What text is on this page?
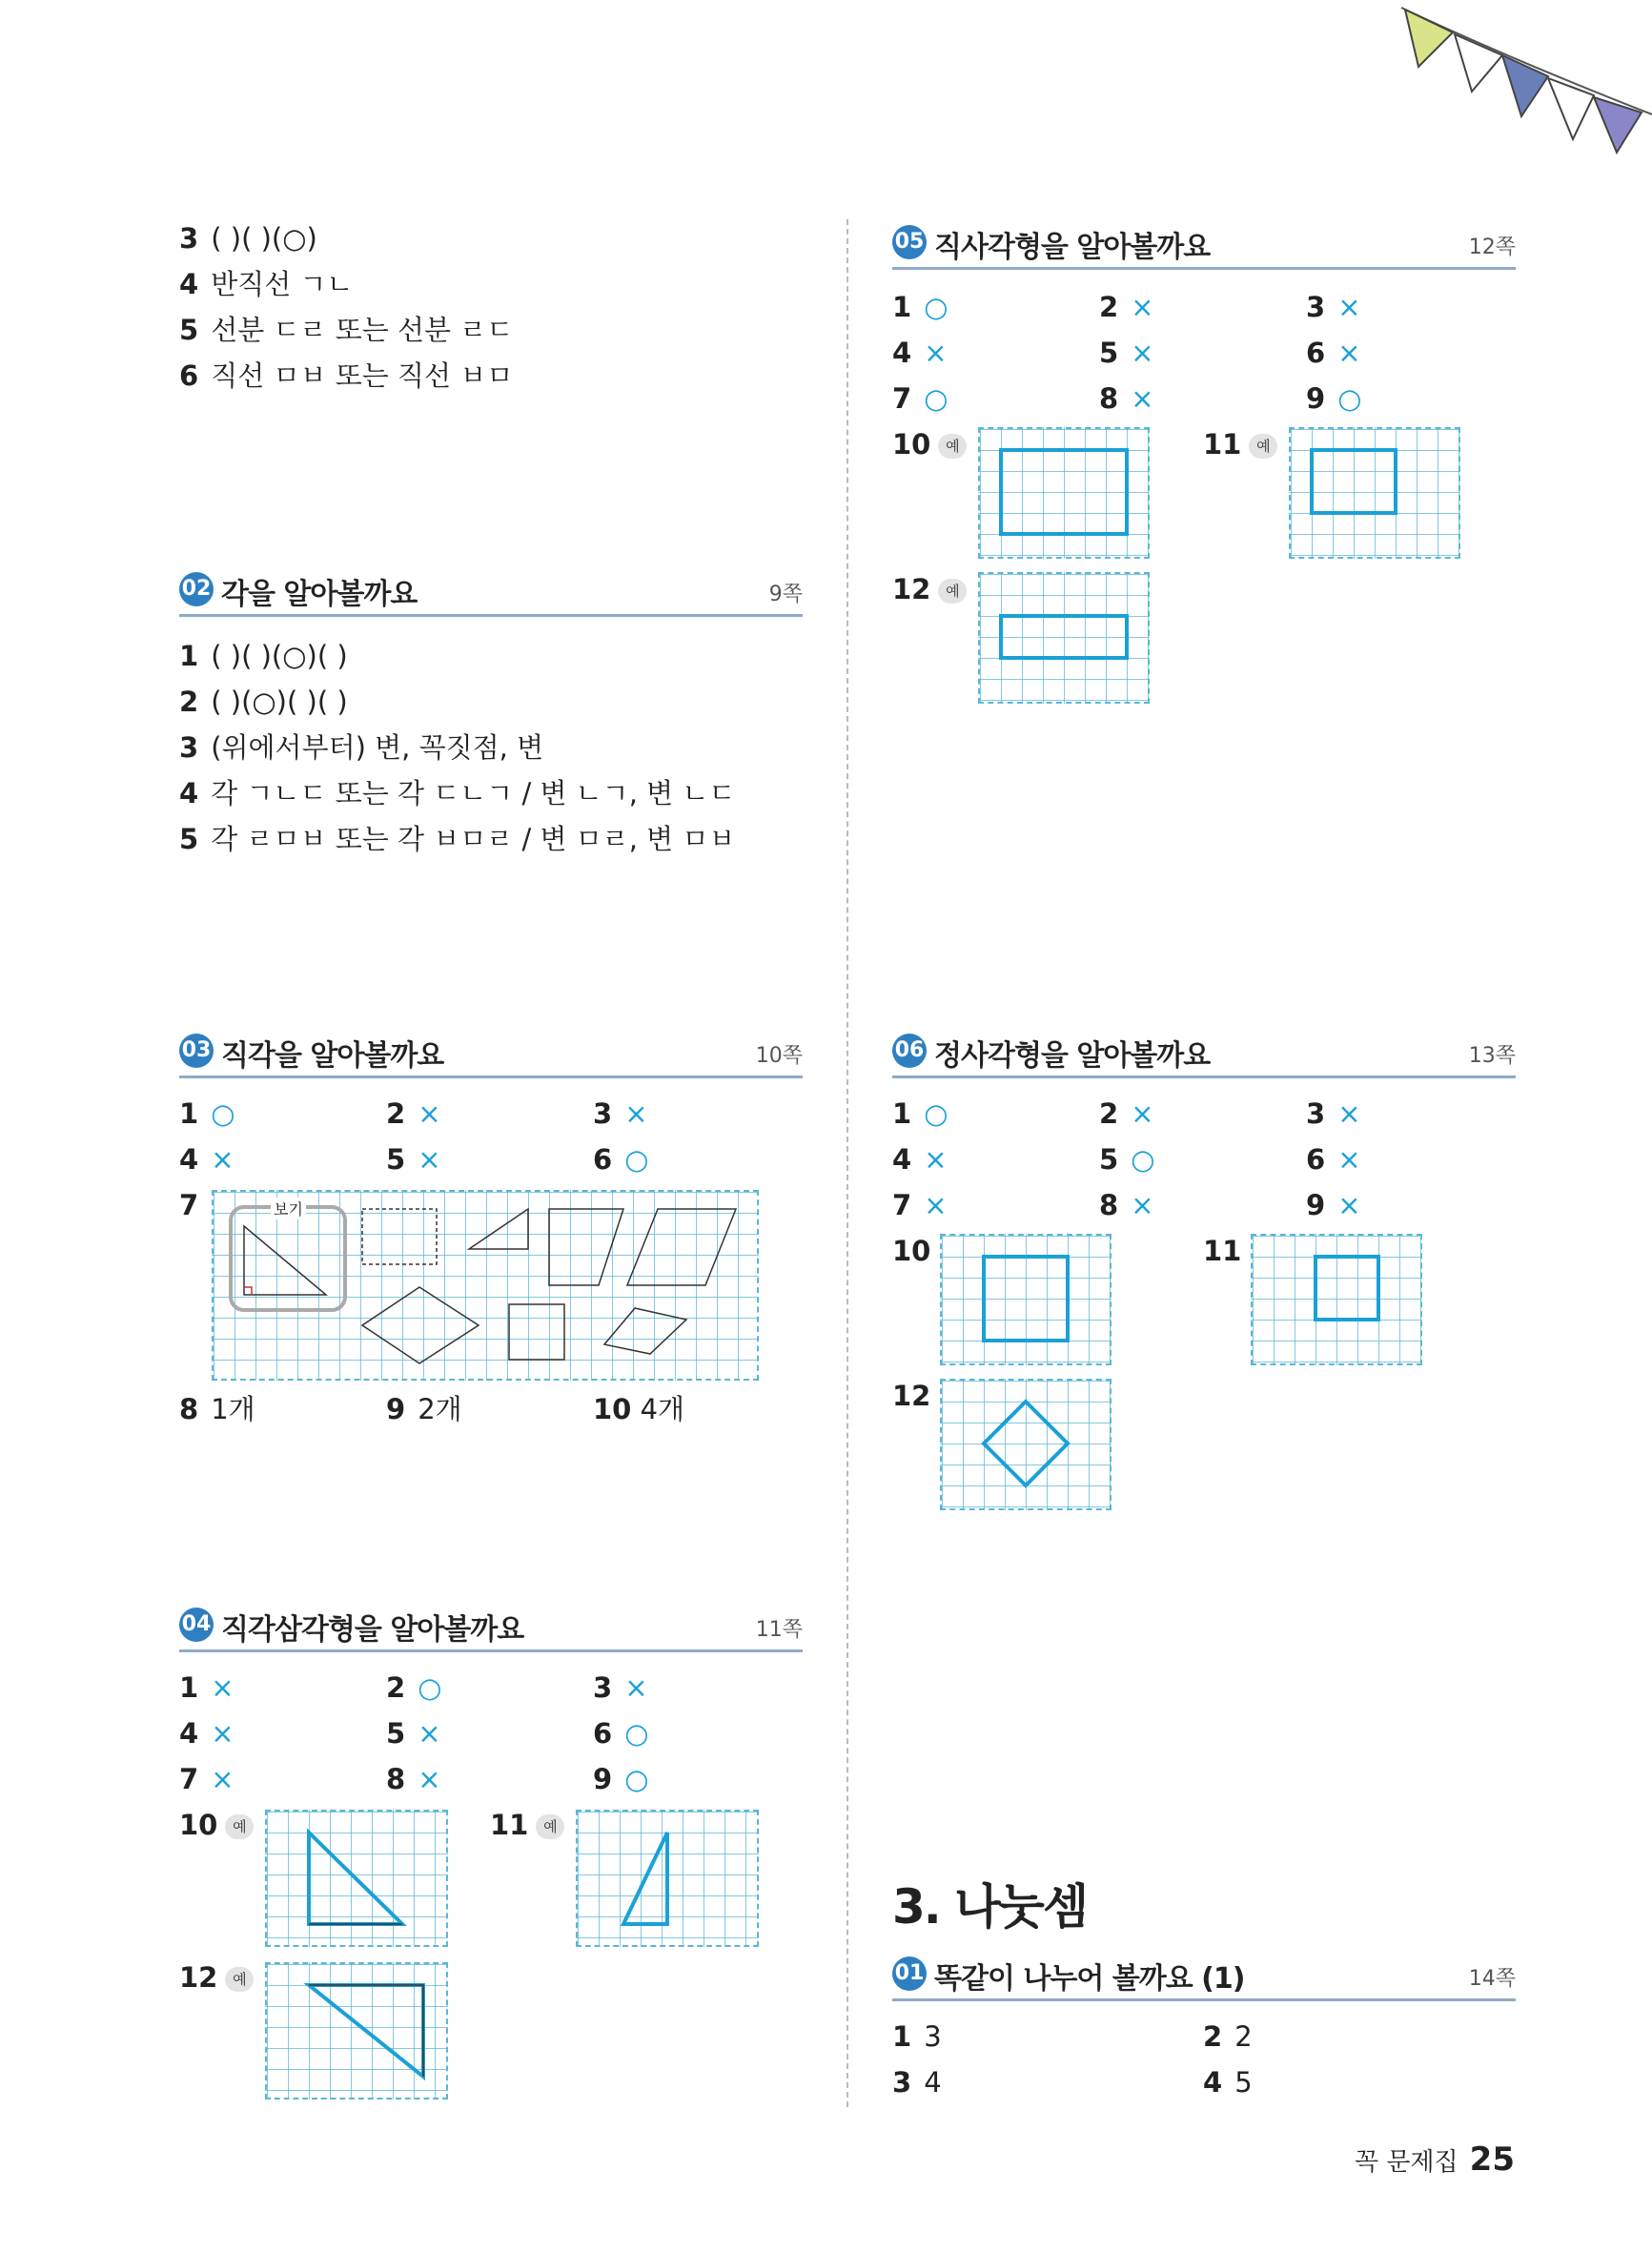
3 ( )( )(○)
4 반직선 ㄱㄴ
5 선분 ㄷㄹ 또는 선분 ㄹㄷ
6 직선 ㅁㅂ 또는 직선 ㅂㅁ
02 각을 알아볼까요	9쪽
1 ( )( )(○)( )
2 ( )(○)( )( )
3 (위에서부터) 변, 꼭짓점, 변
4 각 ㄱㄴㄷ 또는 각 ㄷㄴㄱ / 변 ㄴㄱ, 변 ㄴㄷ
5 각 ㄹㅁㅂ 또는 각 ㅂㅁㄹ / 변 ㅁㄹ, 변 ㅁㅂ
03 직각을 알아볼까요	10쪽
1 ○	2 ×	3 ×
4 ×	5 ×	6 ○
7	보기
8 1개	9 2개	10 4개
04 직각삼각형을 알아볼까요	11쪽
1 ×	2 ○	3 ×
4 ×	5 ×	6 ○
7 ×	8 ×	9 ○
10 예	11 예
12 예
05 직사각형을 알아볼까요	12쪽
1 ○	2 ×	3 ×
4 ×	5 ×	6 ×
7 ○	8 ×	9 ○
10 예	11 예
12 예
06 정사각형을 알아볼까요	13쪽
1 ○	2 ×	3 ×
4 ×	5 ○	6 ×
7 ×	8 ×	9 ×
10	11
12
3. 나눗셈
01 똑같이 나누어 볼까요 (1)	14쪽
1 3	2 2
3 4	4 5
꼭 문제집 25
